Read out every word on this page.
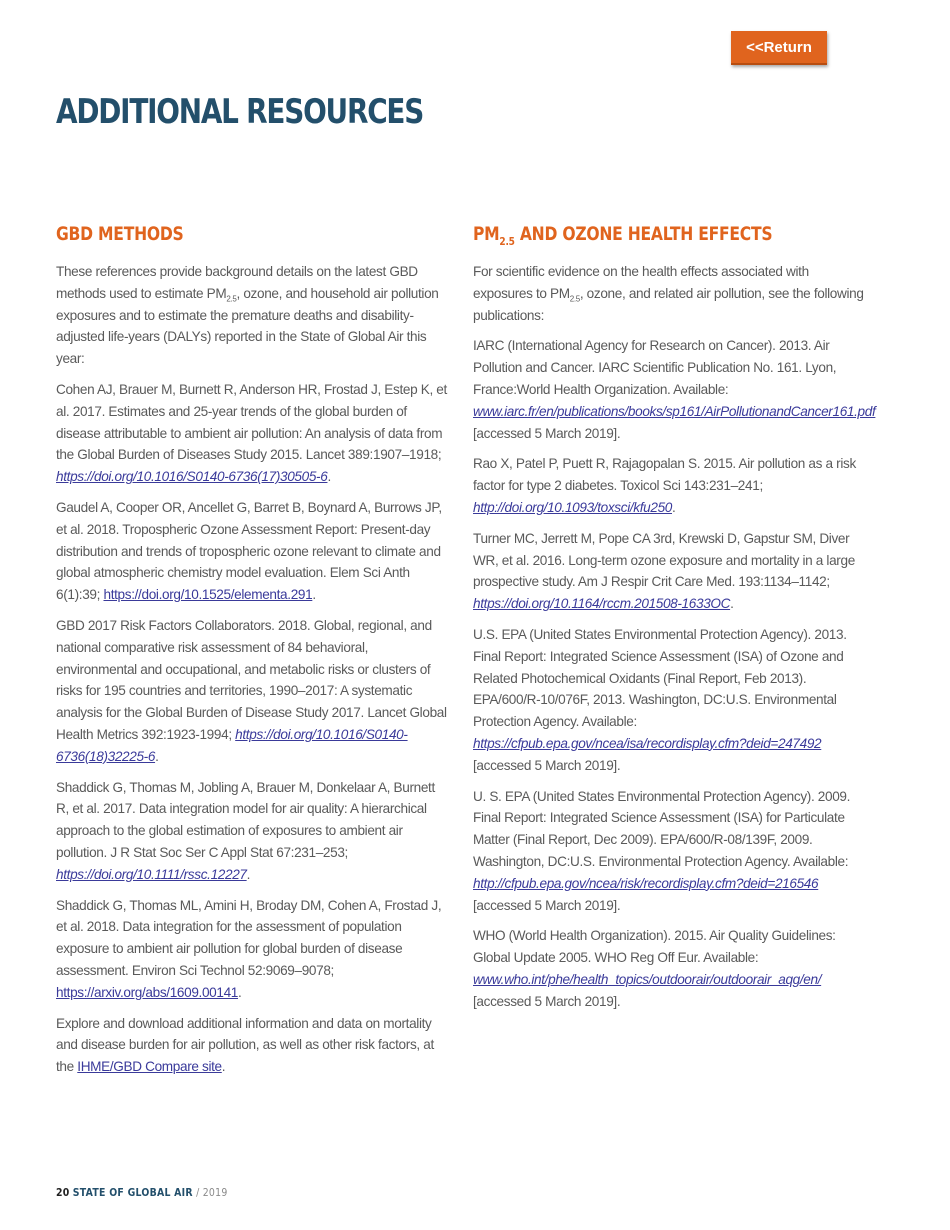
<<Return
ADDITIONAL RESOURCES
GBD METHODS

These references provide background details on the latest GBD methods used to estimate $PM_{2.5}$, ozone, and household air pollution exposures and to estimate the premature deaths and disability-adjusted life-years (DALYs) reported in the State of Global Air this year:

Cohen AJ, Brauer M, Burnett R, Anderson HR, Frostad J, Estep K, et al. 2017. Estimates and 25-year trends of the global burden of disease attributable to ambient air pollution: An analysis of data from the Global Burden of Diseases Study 2015. Lancet 389:1907–1918; https://doi.org/10.1016/S0140-6736(17)30505-6.

Gaudel A, Cooper OR, Ancellet G, Barret B, Boynard A, Burrows JP, et al. 2018. Tropospheric Ozone Assessment Report: Present-day distribution and trends of tropospheric ozone relevant to climate and global atmospheric chemistry model evaluation. Elem Sci Anth 6(1):39; https://doi.org/10.1525/elementa.291.

GBD 2017 Risk Factors Collaborators. 2018. Global, regional, and national comparative risk assessment of 84 behavioral, environmental and occupational, and metabolic risks or clusters of risks for 195 countries and territories, 1990–2017: A systematic analysis for the Global Burden of Disease Study 2017. Lancet Global Health Metrics 392:1923-1994; https://doi.org/10.1016/S0140-6736(18)32225-6.

Shaddick G, Thomas M, Jobling A, Brauer M, Donkelaar A, Burnett R, et al. 2017. Data integration model for air quality: A hierarchical approach to the global estimation of exposures to ambient air pollution. J R Stat Soc Ser C Appl Stat 67:231–253; https://doi.org/10.1111/rssc.12227.

Shaddick G, Thomas ML, Amini H, Broday DM, Cohen A, Frostad J, et al. 2018. Data integration for the assessment of population exposure to ambient air pollution for global burden of disease assessment. Environ Sci Technol 52:9069–9078; https://arxiv.org/abs/1609.00141.

Explore and download additional information and data on mortality and disease burden for air pollution, as well as other risk factors, at the IHME/GBD Compare site.

$PM_{2.5}$ AND OZONE HEALTH EFFECTS

For scientific evidence on the health effects associated with exposures to $PM_{2.5}$, ozone, and related air pollution, see the following publications:

IARC (International Agency for Research on Cancer). 2013. Air Pollution and Cancer. IARC Scientific Publication No. 161. Lyon, France:World Health Organization. Available: www.iarc.fr/en/publications/books/sp161/AirPollutionandCancer161.pdf [accessed 5 March 2019].

Rao X, Patel P, Puett R, Rajagopalan S. 2015. Air pollution as a risk factor for type 2 diabetes. Toxicol Sci 143:231–241; http://doi.org/10.1093/toxsci/kfu250.

Turner MC, Jerrett M, Pope CA 3rd, Krewski D, Gapstur SM, Diver WR, et al. 2016. Long-term ozone exposure and mortality in a large prospective study. Am J Respir Crit Care Med. 193:1134–1142; https://doi.org/10.1164/rccm.201508-1633OC.

U.S. EPA (United States Environmental Protection Agency). 2013. Final Report: Integrated Science Assessment (ISA) of Ozone and Related Photochemical Oxidants (Final Report, Feb 2013). EPA/600/R-10/076F, 2013. Washington, DC:U.S. Environmental Protection Agency. Available: https://cfpub.epa.gov/ncea/isa/recordisplay.cfm?deid=247492 [accessed 5 March 2019].

U. S. EPA (United States Environmental Protection Agency). 2009. Final Report: Integrated Science Assessment (ISA) for Particulate Matter (Final Report, Dec 2009). EPA/600/R-08/139F, 2009. Washington, DC:U.S. Environmental Protection Agency. Available: http://cfpub.epa.gov/ncea/risk/recordisplay.cfm?deid=216546 [accessed 5 March 2019].

WHO (World Health Organization). 2015. Air Quality Guidelines: Global Update 2005. WHO Reg Off Eur. Available: www.who.int/phe/health_topics/outdoorair/outdoorair_aqg/en/ [accessed 5 March 2019].

20 STATE OF GLOBAL AIR / 2019
